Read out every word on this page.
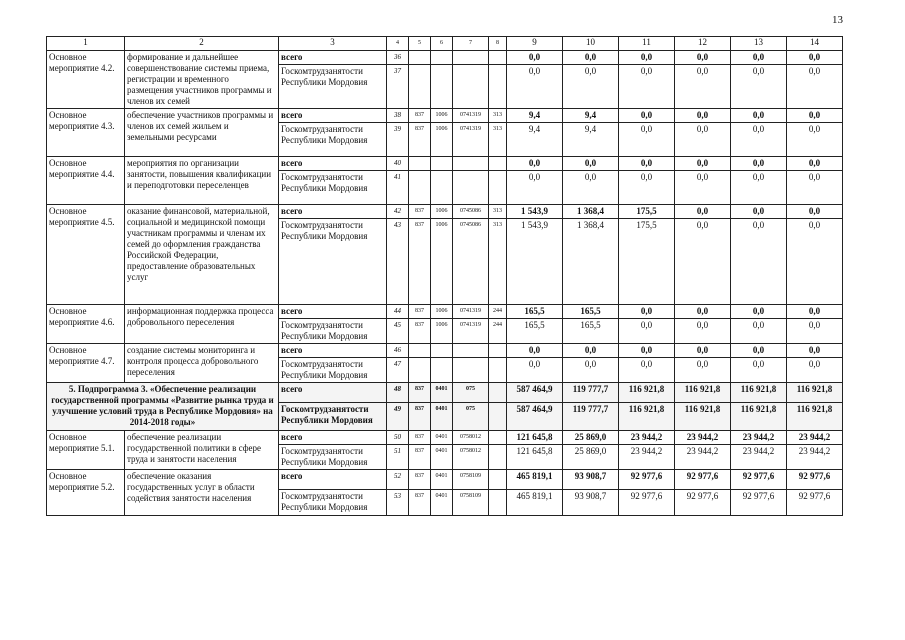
13
1	2	3	4	5	6	7	8	9	10	11	12	13	14
Основное мероприятие 4.2.	формирование и дальнейшее совершенствование системы приема, регистрации и временного размещения участников программы и членов их семей	всего	36					0,0	0,0	0,0	0,0	0,0	0,0
		Госкомтрудзанятости Республики Мордовия	37					0,0	0,0	0,0	0,0	0,0	0,0
Основное мероприятие 4.3.	обеспечение участников программы и членов их семей жильем и земельными ресурсами	всего	38	837	1006	0741319	313	9,4	9,4	0,0	0,0	0,0	0,0
		Госкомтрудзанятости Республики Мордовия	39	837	1006	0741319	313	9,4	9,4	0,0	0,0	0,0	0,0
Основное мероприятие 4.4.	мероприятия по организации занятости, повышения квалификации и переподготовки переселенцев	всего	40					0,0	0,0	0,0	0,0	0,0	0,0
		Госкомтрудзанятости Республики Мордовия	41					0,0	0,0	0,0	0,0	0,0	0,0
Основное мероприятие 4.5.	оказание финансовой, материальной, социальной и медицинской помощи участникам программы и членам их семей до оформления гражданства Российской Федерации, предоставление образовательных услуг	всего	42	837	1006	0745086	313	1 543,9	1 368,4	175,5	0,0	0,0	0,0
		Госкомтрудзанятости Республики Мордовия	43	837	1006	0745086	313	1 543,9	1 368,4	175,5	0,0	0,0	0,0
Основное мероприятие 4.6.	информационная поддержка процесса добровольного переселения	всего	44	837	1006	0741319	244	165,5	165,5	0,0	0,0	0,0	0,0
		Госкомтрудзанятости Республики Мордовия	45	837	1006	0741319	244	165,5	165,5	0,0	0,0	0,0	0,0
Основное мероприятие 4.7.	создание системы мониторинга и контроля процесса добровольного переселения	всего	46					0,0	0,0	0,0	0,0	0,0	0,0
		Госкомтрудзанятости Республики Мордовия	47					0,0	0,0	0,0	0,0	0,0	0,0
5. Подпрограмма 3. «Обеспечение реализации государственной программы «Развитие рынка труда и улучшение условий труда в Республике Мордовия» на 2014-2018 годы»		всего	48	837	0401	075		587 464,9	119 777,7	116 921,8	116 921,8	116 921,8	116 921,8
		Госкомтрудзанятости Республики Мордовия	49	837	0401	075		587 464,9	119 777,7	116 921,8	116 921,8	116 921,8	116 921,8
Основное мероприятие 5.1.	обеспечение реализации государственной политики в сфере труда и занятости населения	всего	50	837	0401	0758012		121 645,8	25 869,0	23 944,2	23 944,2	23 944,2	23 944,2
		Госкомтрудзанятости Республики Мордовия	51	837	0401	0758012		121 645,8	25 869,0	23 944,2	23 944,2	23 944,2	23 944,2
Основное мероприятие 5.2.	обеспечение оказания государственных услуг в области содействия занятости населения	всего	52	837	0401	0758109		465 819,1	93 908,7	92 977,6	92 977,6	92 977,6	92 977,6
		Госкомтрудзанятости Республики Мордовия	53	837	0401	0758109		465 819,1	93 908,7	92 977,6	92 977,6	92 977,6	92 977,6
